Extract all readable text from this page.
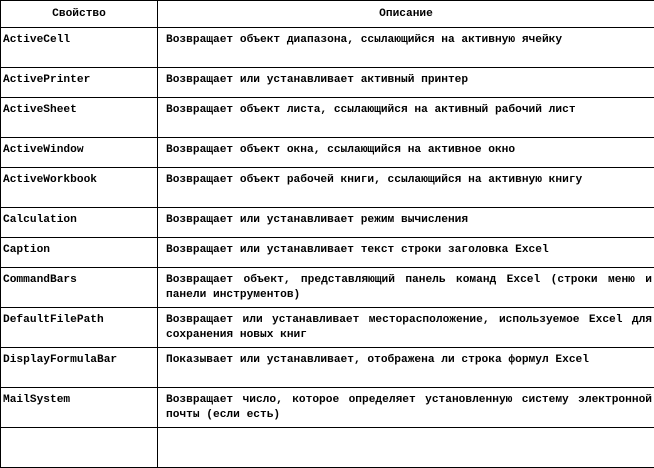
Свойство	Описание
ActiveCell	Возвращает объект диапазона, ссылающийся на активную ячейку
ActivePrinter	Возвращает или устанавливает активный принтер
ActiveSheet	Возвращает объект листа, ссылающийся на активный рабочий лист
ActiveWindow	Возвращает объект окна, ссылающийся на активное окно
ActiveWorkbook	Возвращает объект рабочей книги, ссылающийся на активную книгу
Calculation	Возвращает или устанавливает режим вычисления
Caption	Возвращает или устанавливает текст строки заголовка Excel
CommandBars	Возвращает объект, представляющий панель команд Excel (строки меню и панели инструментов)
DefaultFilePath	Возвращает или устанавливает месторасположение, используемое Excel для сохранения новых книг
DisplayFormulaBar	Показывает или устанавливает, отображена ли строка формул Excel
MailSystem	Возвращает число, которое определяет установленную систему электронной почты (если есть)
